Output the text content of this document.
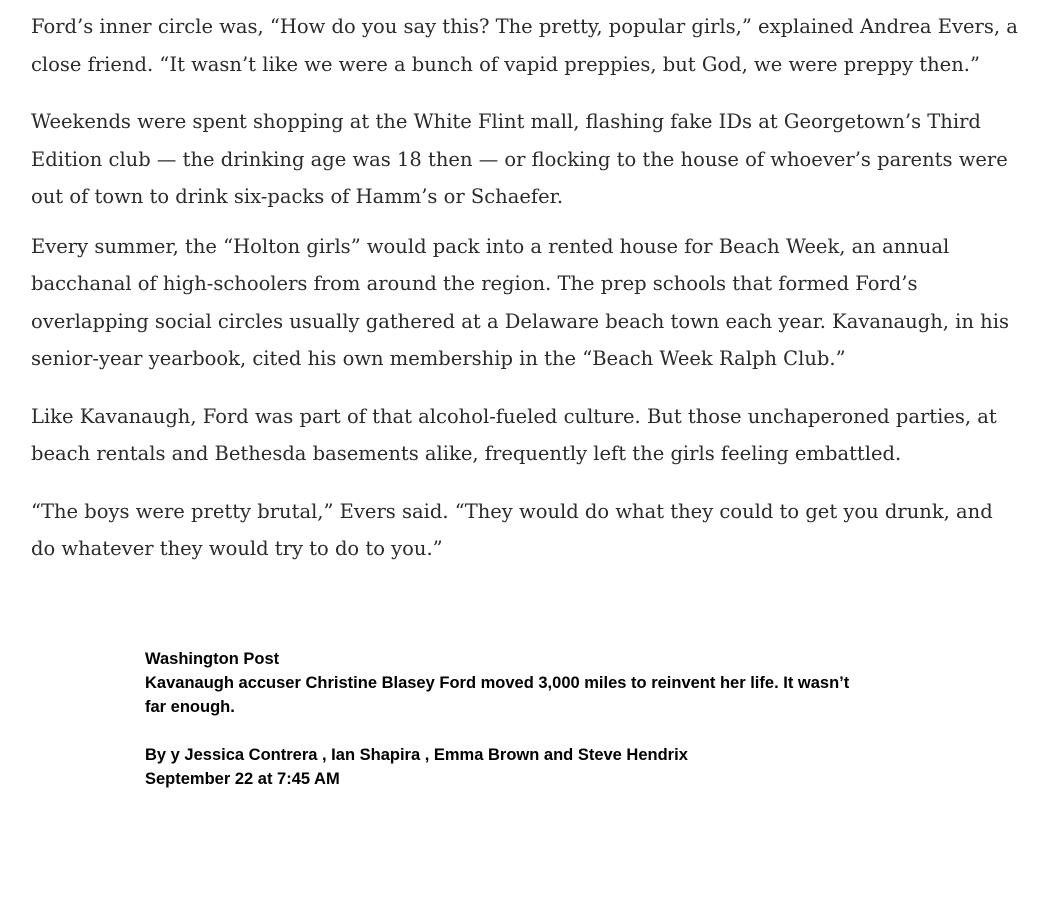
Ford’s inner circle was, “How do you say this? The pretty, popular girls,” explained Andrea Evers, a close friend. “It wasn’t like we were a bunch of vapid preppies, but God, we were preppy then.”

Weekends were spent shopping at the White Flint mall, flashing fake IDs at Georgetown’s Third Edition club — the drinking age was 18 then — or flocking to the house of whoever’s parents were out of town to drink six-packs of Hamm’s or Schaefer.

Every summer, the “Holton girls” would pack into a rented house for Beach Week, an annual bacchanal of high-schoolers from around the region. The prep schools that formed Ford’s overlapping social circles usually gathered at a Delaware beach town each year. Kavanaugh, in his senior-year yearbook, cited his own membership in the “Beach Week Ralph Club.”

Like Kavanaugh, Ford was part of that alcohol-fueled culture. But those unchaperoned parties, at beach rentals and Bethesda basements alike, frequently left the girls feeling embattled.

“The boys were pretty brutal,” Evers said. “They would do what they could to get you drunk, and do whatever they would try to do to you.”

Washington Post
Kavanaugh accuser Christine Blasey Ford moved 3,000 miles to reinvent her life. It wasn’t far enough.
By y Jessica Contrera , Ian Shapira , Emma Brown and Steve Hendrix
September 22 at 7:45 AM
